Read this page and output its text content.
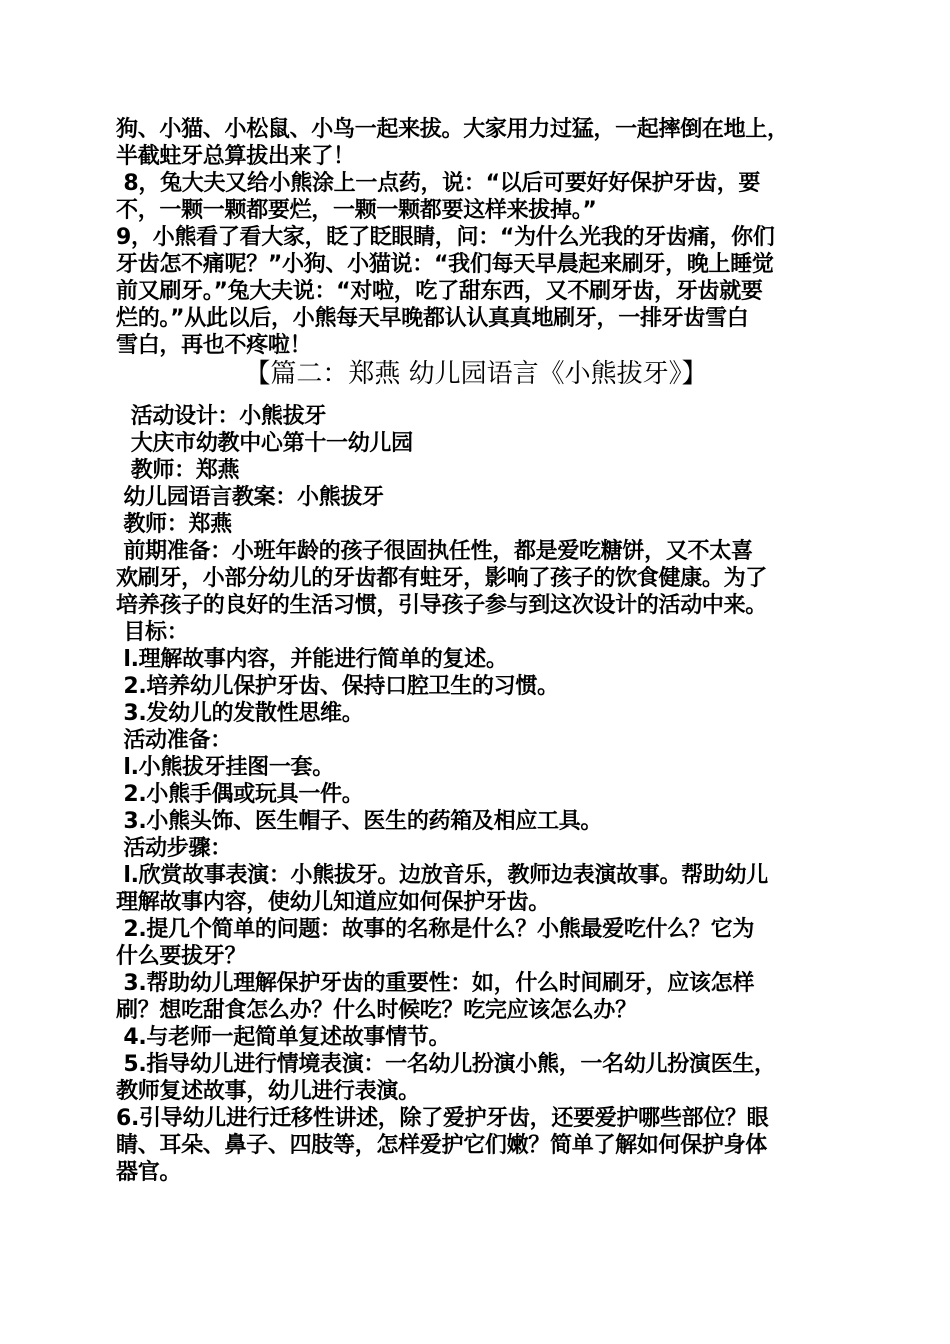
狗、小猫、小松鼠、小鸟一起来拔。大家用力过猛，一起摔倒在地上，
半截蛀牙总算拔出来了！
8，兔大夫又给小熊涂上一点药，说：“以后可要好好保护牙齿，要
不，一颗一颗都要烂，一颗一颗都要这样来拔掉。”
9，小熊看了看大家，眨了眨眼睛，问：“为什么光我的牙齿痛，你们
牙齿怎不痛呢？”小狗、小猫说：“我们每天早晨起来刷牙，晚上睡觉
前又刷牙。”兔大夫说：“对啦，吃了甜东西，又不刷牙齿，牙齿就要
烂的。”从此以后，小熊每天早晚都认认真真地刷牙，一排牙齿雪白
雪白，再也不疼啦！
【篇二：郑燕 幼儿园语言《小熊拔牙》】
活动设计：小熊拔牙
大庆市幼教中心第十一幼儿园
教师：郑燕
幼儿园语言教案：小熊拔牙
教师：郑燕
前期准备：小班年龄的孩子很固执任性，都是爱吃糖饼，又不太喜
欢刷牙，小部分幼儿的牙齿都有蛀牙，影响了孩子的饮食健康。为了
培养孩子的良好的生活习惯，引导孩子参与到这次设计的活动中来。
目标：
l.理解故事内容，并能进行简单的复述。
2.培养幼儿保护牙齿、保持口腔卫生的习惯。
3.发幼儿的发散性思维。
活动准备：
l.小熊拔牙挂图一套。
2.小熊手偶或玩具一件。
3.小熊头饰、医生帽子、医生的药箱及相应工具。
活动步骤：
l.欣赏故事表演：小熊拔牙。边放音乐，教师边表演故事。帮助幼儿
理解故事内容，使幼儿知道应如何保护牙齿。
2.提几个简单的问题：故事的名称是什么？小熊最爱吃什么？它为
什么要拔牙？
3.帮助幼儿理解保护牙齿的重要性：如，什么时间刷牙，应该怎样
刷？想吃甜食怎么办？什么时候吃？吃完应该怎么办？
4.与老师一起简单复述故事情节。
5.指导幼儿进行情境表演：一名幼儿扮演小熊，一名幼儿扮演医生，
教师复述故事，幼儿进行表演。
6.引导幼儿进行迁移性讲述，除了爱护牙齿，还要爱护哪些部位？眼
睛、耳朵、鼻子、四肢等，怎样爱护它们嫩？简单了解如何保护身体
器官。
